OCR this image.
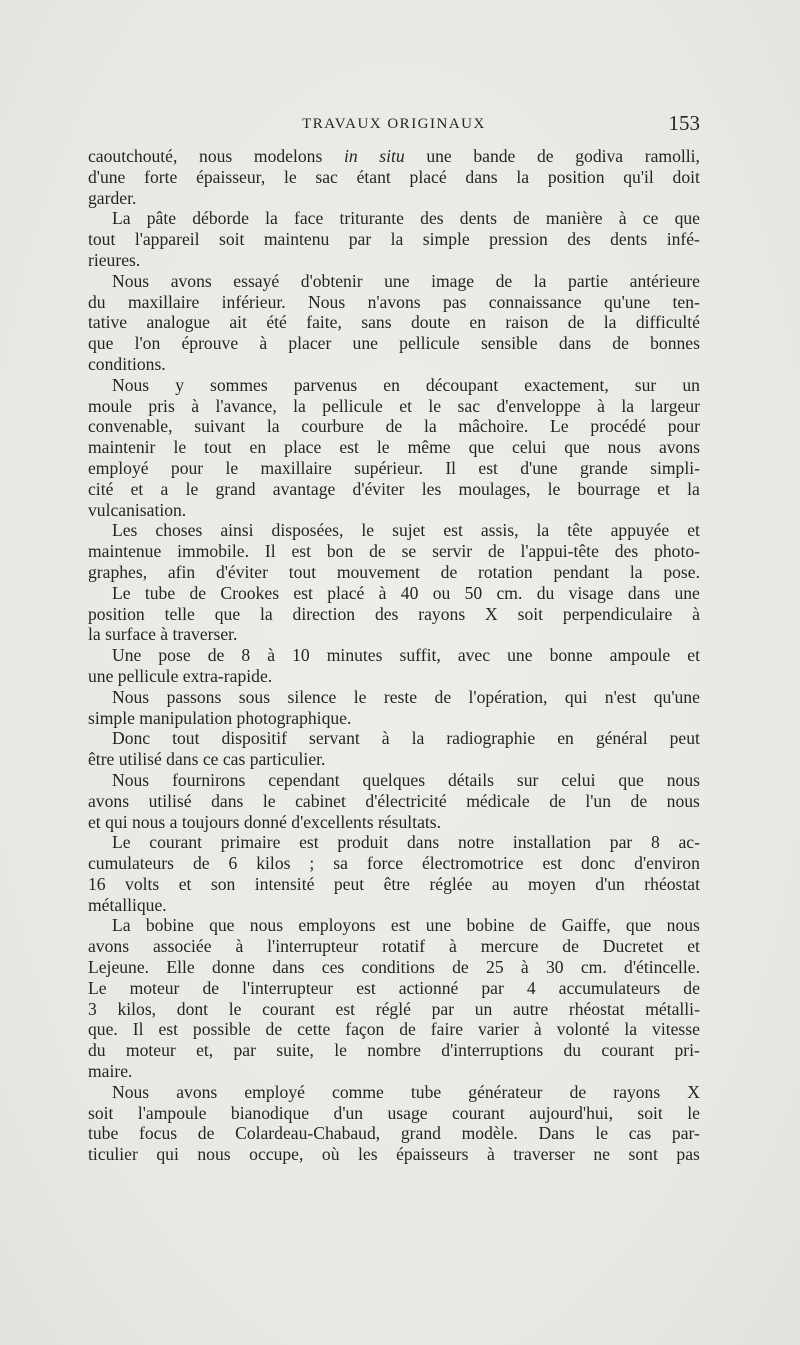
TRAVAUX ORIGINAUX	153
caoutchouté, nous modelons in situ une bande de godiva ramolli,
d'une forte épaisseur, le sac étant placé dans la position qu'il doit
garder.
La pâte déborde la face triturante des dents de manière à ce que
tout l'appareil soit maintenu par la simple pression des dents infé-
rieures.
Nous avons essayé d'obtenir une image de la partie antérieure
du maxillaire inférieur. Nous n'avons pas connaissance qu'une ten-
tative analogue ait été faite, sans doute en raison de la difficulté
que l'on éprouve à placer une pellicule sensible dans de bonnes
conditions.
Nous y sommes parvenus en découpant exactement, sur un
moule pris à l'avance, la pellicule et le sac d'enveloppe à la largeur
convenable, suivant la courbure de la mâchoire. Le procédé pour
maintenir le tout en place est le même que celui que nous avons
employé pour le maxillaire supérieur. Il est d'une grande simpli-
cité et a le grand avantage d'éviter les moulages, le bourrage et la
vulcanisation.
Les choses ainsi disposées, le sujet est assis, la tête appuyée et
maintenue immobile. Il est bon de se servir de l'appui-tête des photo-
graphes, afin d'éviter tout mouvement de rotation pendant la pose.
Le tube de Crookes est placé à 40 ou 50 cm. du visage dans une
position telle que la direction des rayons X soit perpendiculaire à
la surface à traverser.
Une pose de 8 à 10 minutes suffit, avec une bonne ampoule et
une pellicule extra-rapide.
Nous passons sous silence le reste de l'opération, qui n'est qu'une
simple manipulation photographique.
Donc tout dispositif servant à la radiographie en général peut
être utilisé dans ce cas particulier.
Nous fournirons cependant quelques détails sur celui que nous
avons utilisé dans le cabinet d'électricité médicale de l'un de nous
et qui nous a toujours donné d'excellents résultats.
Le courant primaire est produit dans notre installation par 8 ac-
cumulateurs de 6 kilos ; sa force électromotrice est donc d'environ
16 volts et son intensité peut être réglée au moyen d'un rhéostat
métallique.
La bobine que nous employons est une bobine de Gaiffe, que nous
avons associée à l'interrupteur rotatif à mercure de Ducretet et
Lejeune. Elle donne dans ces conditions de 25 à 30 cm. d'étincelle.
Le moteur de l'interrupteur est actionné par 4 accumulateurs de
3 kilos, dont le courant est réglé par un autre rhéostat métalli-
que. Il est possible de cette façon de faire varier à volonté la vitesse
du moteur et, par suite, le nombre d'interruptions du courant pri-
maire.
Nous avons employé comme tube générateur de rayons X
soit l'ampoule bianodique d'un usage courant aujourd'hui, soit le
tube focus de Colardeau-Chabaud, grand modèle. Dans le cas par-
ticulier qui nous occupe, où les épaisseurs à traverser ne sont pas
